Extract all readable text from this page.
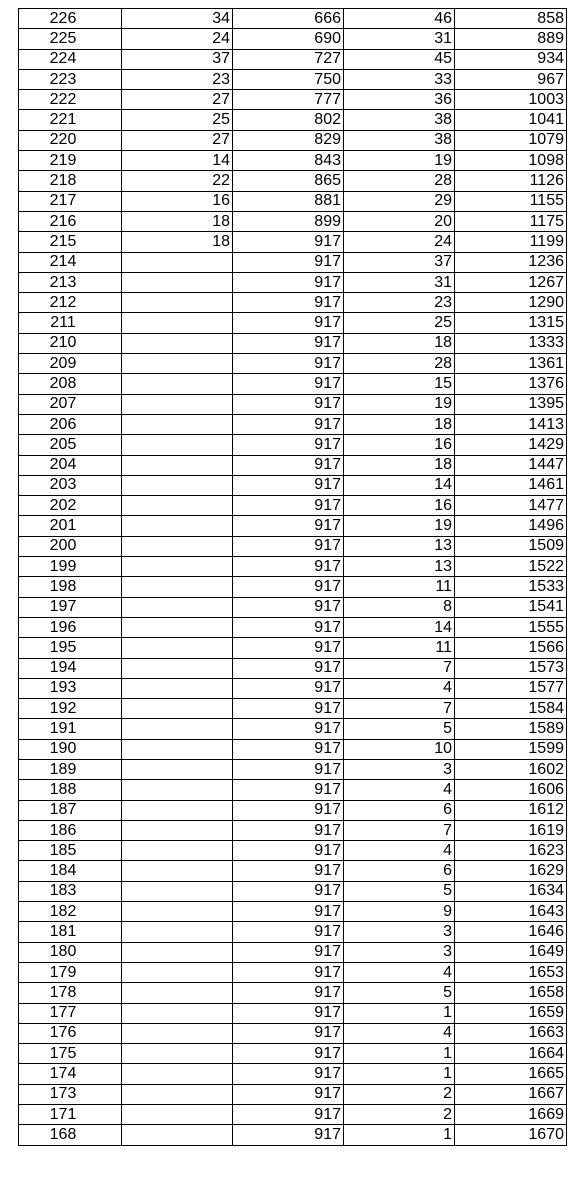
226	34	666	46	858
225	24	690	31	889
224	37	727	45	934
223	23	750	33	967
222	27	777	36	1003
221	25	802	38	1041
220	27	829	38	1079
219	14	843	19	1098
218	22	865	28	1126
217	16	881	29	1155
216	18	899	20	1175
215	18	917	24	1199
214		917	37	1236
213		917	31	1267
212		917	23	1290
211		917	25	1315
210		917	18	1333
209		917	28	1361
208		917	15	1376
207		917	19	1395
206		917	18	1413
205		917	16	1429
204		917	18	1447
203		917	14	1461
202		917	16	1477
201		917	19	1496
200		917	13	1509
199		917	13	1522
198		917	11	1533
197		917	8	1541
196		917	14	1555
195		917	11	1566
194		917	7	1573
193		917	4	1577
192		917	7	1584
191		917	5	1589
190		917	10	1599
189		917	3	1602
188		917	4	1606
187		917	6	1612
186		917	7	1619
185		917	4	1623
184		917	6	1629
183		917	5	1634
182		917	9	1643
181		917	3	1646
180		917	3	1649
179		917	4	1653
178		917	5	1658
177		917	1	1659
176		917	4	1663
175		917	1	1664
174		917	1	1665
173		917	2	1667
171		917	2	1669
168		917	1	1670
